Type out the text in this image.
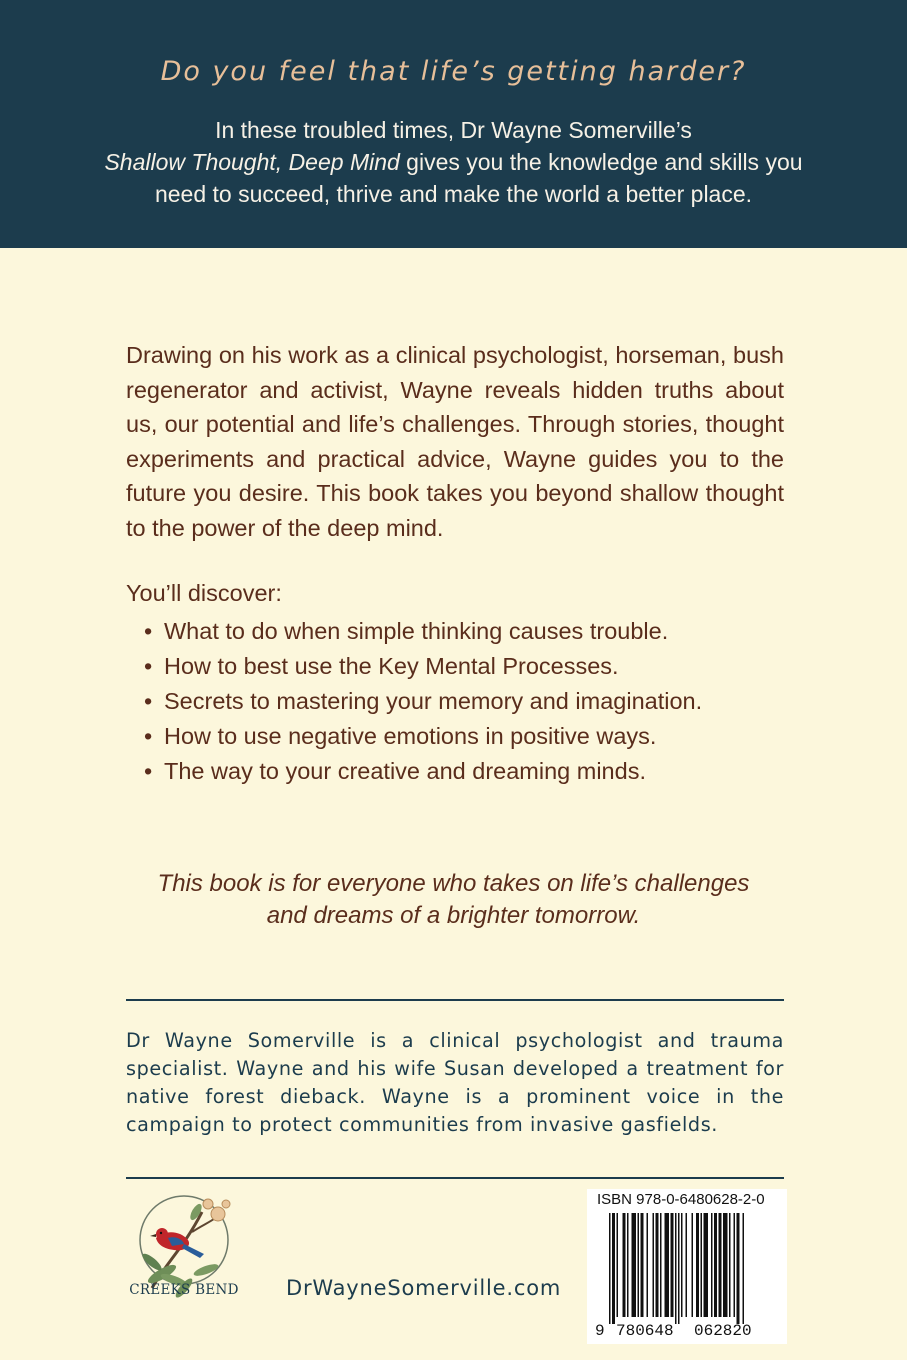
Do you feel that life’s getting harder?
In these troubled times, Dr Wayne Somerville’s
Shallow Thought, Deep Mind gives you the knowledge and skills you need to succeed, thrive and make the world a better place.

Drawing on his work as a clinical psychologist, horseman, bush regenerator and activist, Wayne reveals hidden truths about us, our potential and life’s challenges. Through stories, thought experiments and practical advice, Wayne guides you to the future you desire. This book takes you beyond shallow thought to the power of the deep mind.

You’ll discover:
• What to do when simple thinking causes trouble.
• How to best use the Key Mental Processes.
• Secrets to mastering your memory and imagination.
• How to use negative emotions in positive ways.
• The way to your creative and dreaming minds.
This book is for everyone who takes on life’s challenges
and dreams of a brighter tomorrow.

Dr Wayne Somerville is a clinical psychologist and trauma specialist. Wayne and his wife Susan developed a treatment for native forest dieback. Wayne is a prominent voice in the campaign to protect communities from invasive gasfields.

CREEKS BEND	DrWayneSomerville.com
ISBN 978-0-6480628-2-0
9 780648 062820
